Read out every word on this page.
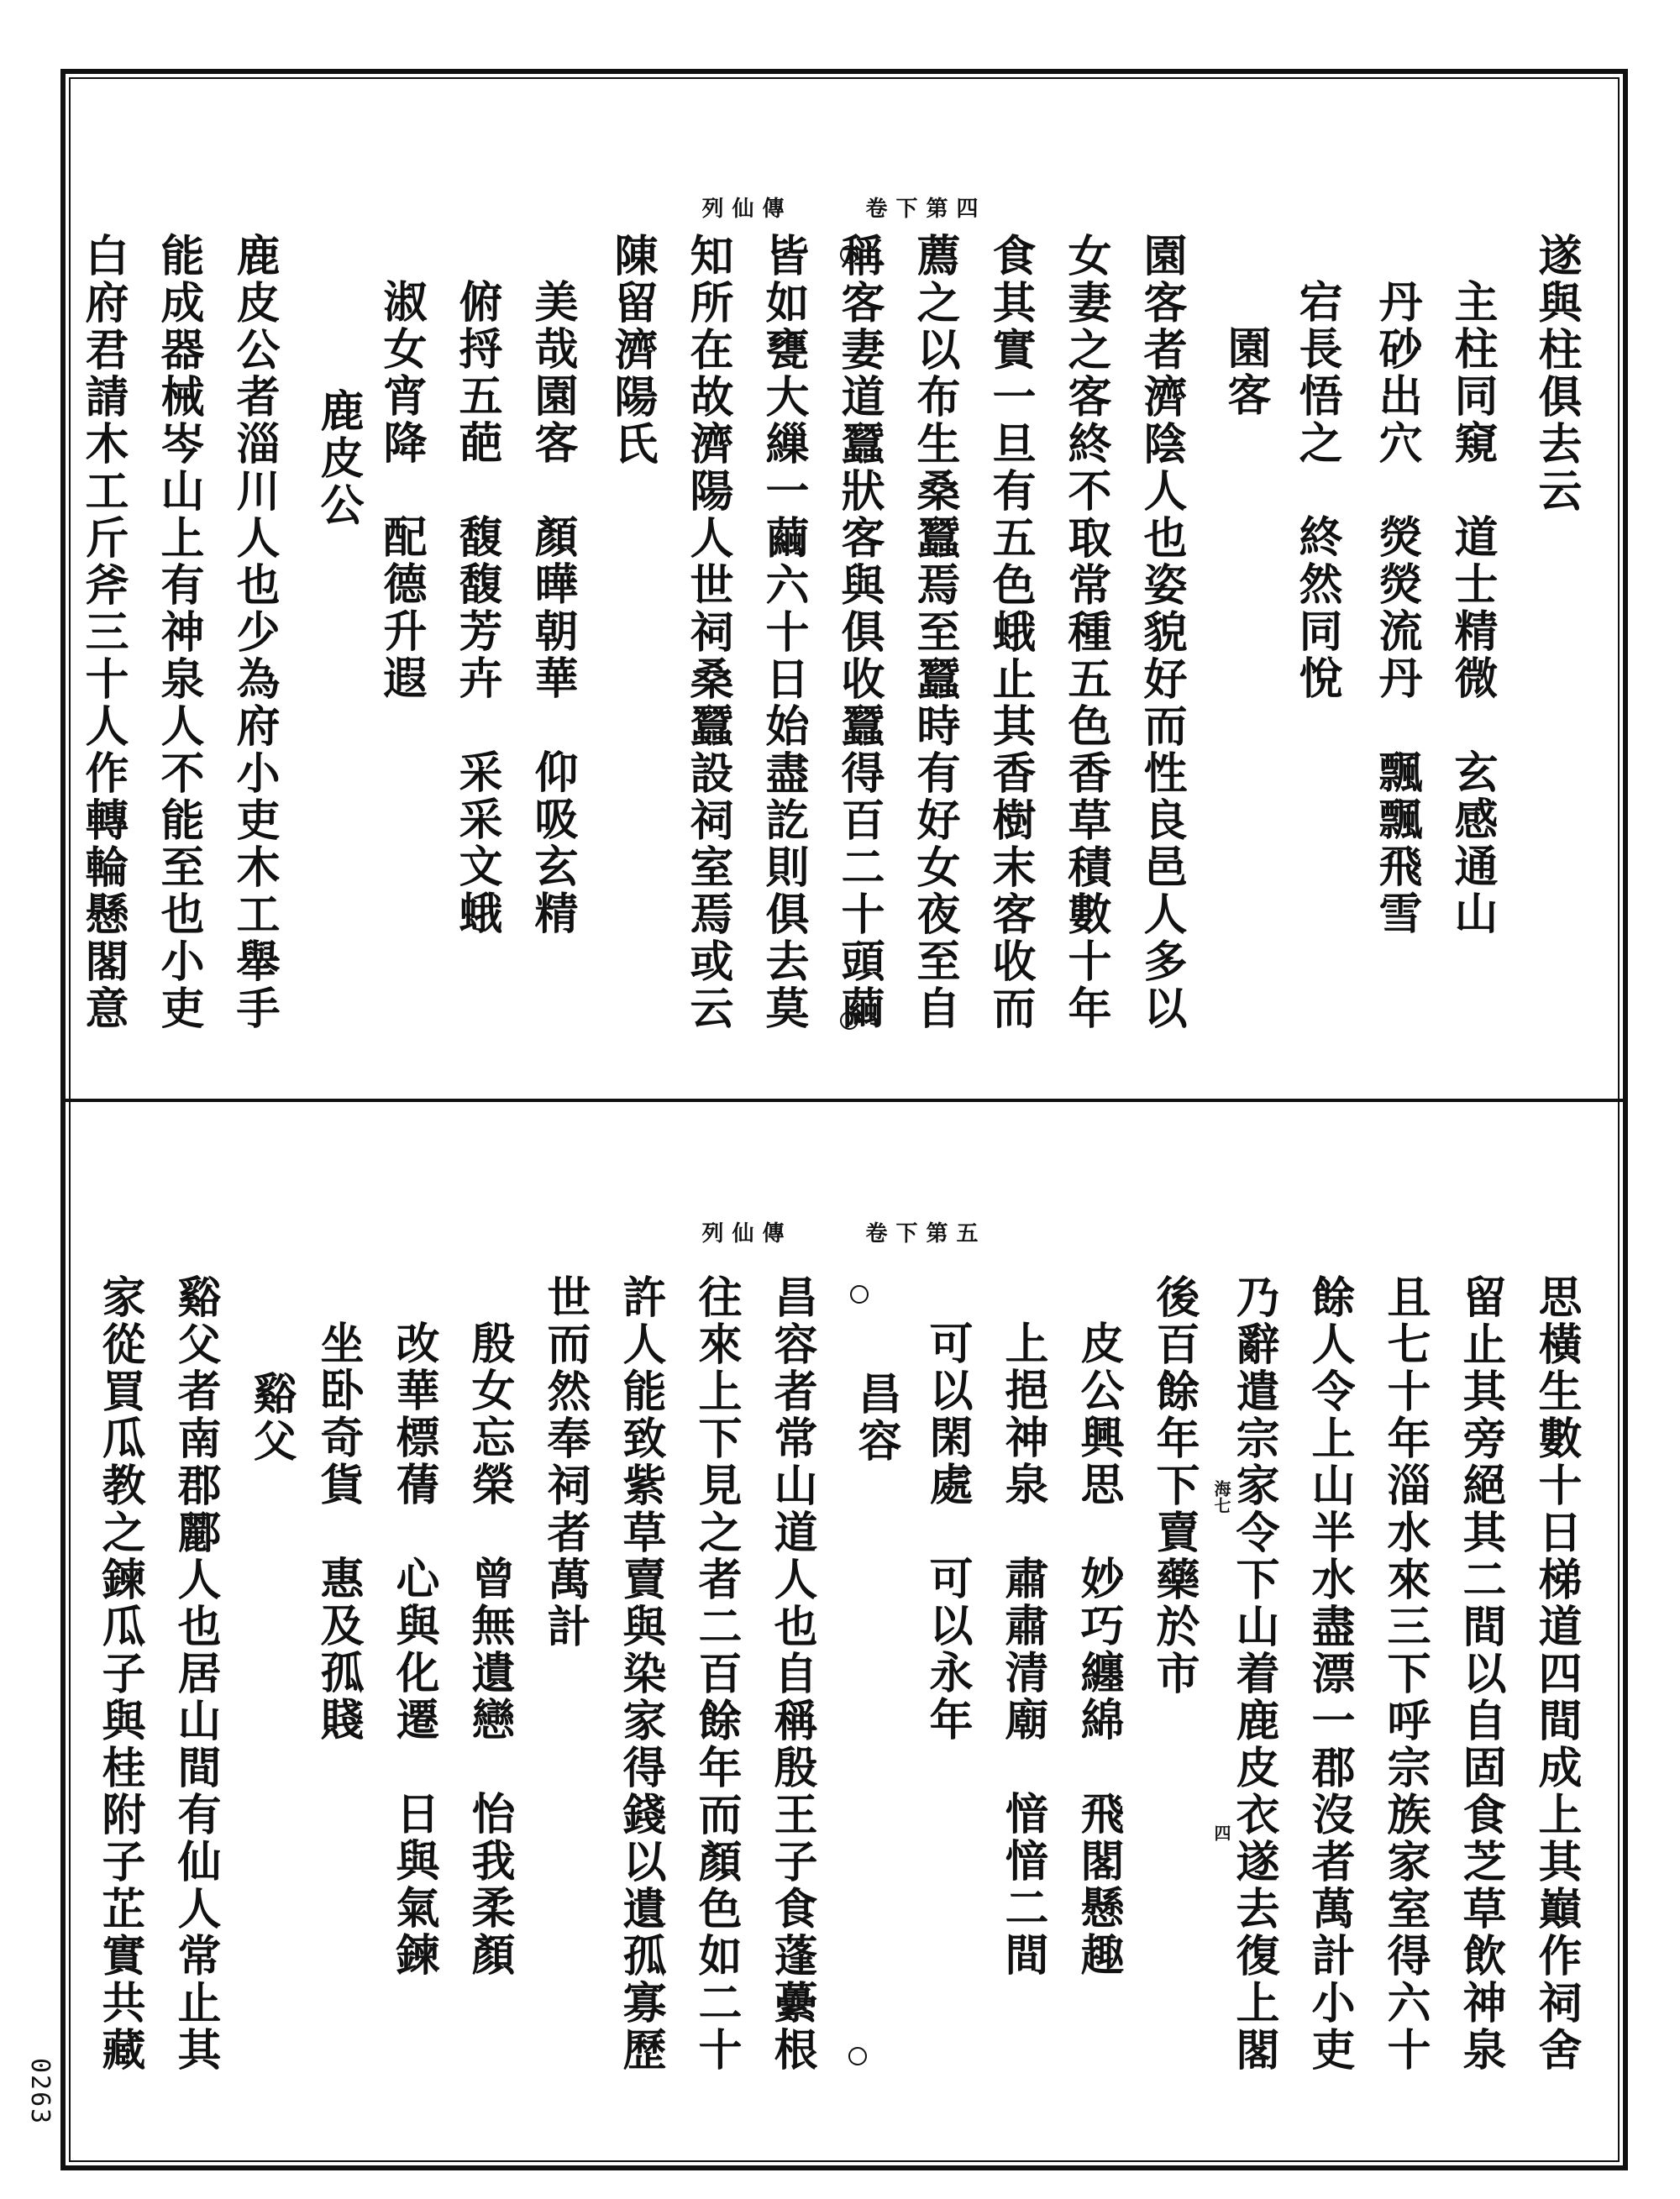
列仙傳	卷下第四
遂與柱俱去云
主柱同窺　道士精微　玄感通山
丹砂出穴　熒熒流丹　飄飄飛雪
宕長悟之　終然同悅
園客
園客者濟陰人也姿貌好而性良邑人多以
女妻之客終不取常種五色香草積數十年
食其實一旦有五色蛾止其香樹末客收而
薦之以布生桑蠶焉至蠶時有好女夜至自
稱客妻道蠶狀客與俱收蠶得百二十頭繭
皆如甕大繅一繭六十日始盡訖則俱去莫
知所在故濟陽人世祠桑蠶設祠室焉或云
陳留濟陽氏
美哉園客　顏曄朝華　仰吸玄精
俯捋五葩　馥馥芳卉　采采文蛾
淑女宵降　配德升遐
鹿皮公
鹿皮公者淄川人也少為府小吏木工舉手
能成器械岑山上有神泉人不能至也小吏
白府君請木工斤斧三十人作轉輪懸閣意
列仙傳	卷下第五
思橫生數十日梯道四間成上其巔作祠舍
留止其旁絕其二間以自固食芝草飲神泉
且七十年淄水來三下呼宗族家室得六十
餘人令上山半水盡漂一郡沒者萬計小吏
乃辭遣宗家令下山着鹿皮衣遂去復上閣
海七
四
後百餘年下賣藥於市
皮公興思　妙巧纏綿　飛閣懸趣
上挹神泉　肅肅清廟　愔愔二間
可以閑處　可以永年
昌容
昌容者常山道人也自稱殷王子食蓬虆根
往來上下見之者二百餘年而顏色如二十
許人能致紫草賣與染家得錢以遺孤寡歷
世而然奉祠者萬計
殷女忘榮　曾無遺戀　怡我柔顏
改華標蒨　心與化遷　日與氣鍊
坐卧奇貨　惠及孤賤
谿父
谿父者南郡酈人也居山間有仙人常止其
家從買瓜教之鍊瓜子與桂附子芷實共藏
0263
